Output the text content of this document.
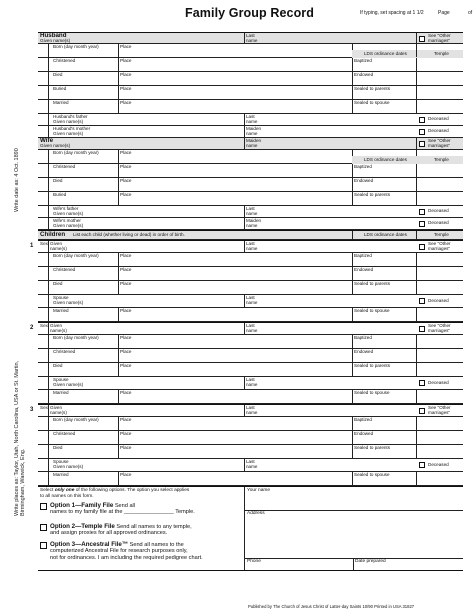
Family Group Record	If typing, set spacing at 1 1/2	Page	of
Write date as: 4 Oct. 1890
Write places as: Taylor, Utah, North Carolina, USA or St. Martin, Birmingham, Warwick, Eng.
Husband
Given name(s)
Last
name
See "Other
marriages"
Born (day month year)	Place
LDS ordinance dates	Temple
Christened	Place	Baptized
Died	Place	Endowed
Buried	Place	Sealed to parents
Married	Place	Sealed to spouse
Husband's father
Given name(s)
Last
name	Deceased
Husband's mother
Given name(s)
Maiden
name	Deceased
Wife
Given name(s)
Maiden
name
See "Other
marriages"
Born (day month year)	Place
LDS ordinance dates	Temple
Christened	Place	Baptized
Died	Place	Endowed
Buried	Place	Sealed to parents
Wife's father
Given name(s)
Last
name	Deceased
Wife's mother
Given name(s)
Maiden
name	Deceased
Children List each child (whether living or dead) in order of birth.	LDS ordinance dates	Temple
1 Sex Given
name(s)
Last
name
See "Other
marriages"
Born (day month year)	Place	Baptized
Christened	Place	Endowed
Died	Place	Sealed to parents
Spouse
Given name(s)
Last
name	Deceased
Married	Place	Sealed to spouse
2 Sex Given
name(s)
Last
name
See "Other
marriages"
Born (day month year)	Place	Baptized
Christened	Place	Endowed
Died	Place	Sealed to parents
Spouse
Given name(s)
Last
name	Deceased
Married	Place	Sealed to spouse
3 Sex Given
name(s)
Last
name
See "Other
marriages"
Born (day month year)	Place	Baptized
Christened	Place	Endowed
Died	Place	Sealed to parents
Spouse
Given name(s)
Last
name	Deceased
Married	Place	Sealed to spouse
Select only one of the following options. The option you select applies
to all names on this form.
Option 1—Family File Send all
names to my family file at the ________________ Temple.
Option 2—Temple File Send all names to any temple,
and assign proxies for all approved ordinances.
Option 3—Ancestral File™ Send all names to the
computerized Ancestral File for research purposes only,
not for ordinances. I am including the required pedigree chart.
Your name
Address
Phone	Date prepared
Published by The Church of Jesus Christ of Latter-day Saints 10/90 Printed in USA 31827
